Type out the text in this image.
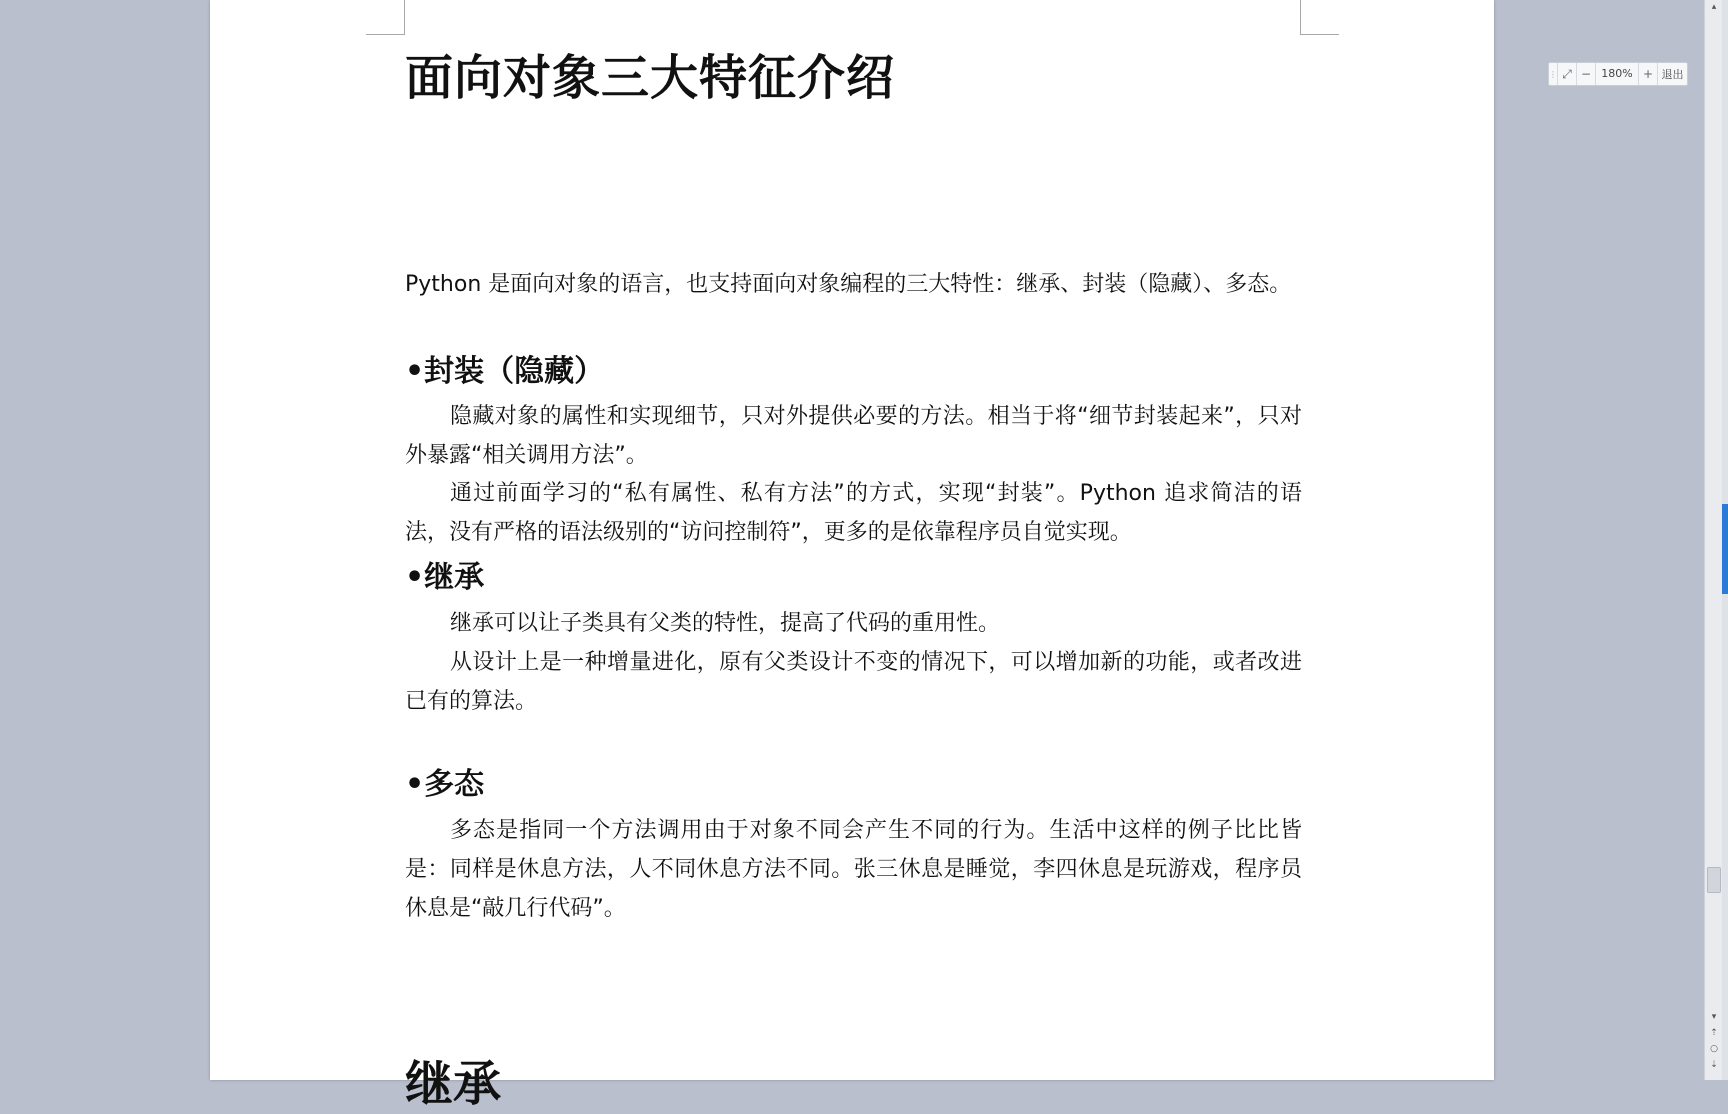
面向对象三大特征介绍
Python 是面向对象的语言，也支持面向对象编程的三大特性：继承、封装（隐藏）、多态。
•封装（隐藏）
隐藏对象的属性和实现细节，只对外提供必要的方法。相当于将“细节封装起来”，只对外暴露“相关调用方法”。
通过前面学习的“私有属性、私有方法”的方式，实现“封装”。Python 追求简洁的语法，没有严格的语法级别的“访问控制符”，更多的是依靠程序员自觉实现。
•继承
继承可以让子类具有父类的特性，提高了代码的重用性。
从设计上是一种增量进化，原有父类设计不变的情况下，可以增加新的功能，或者改进已有的算法。
•多态
多态是指同一个方法调用由于对象不同会产生不同的行为。生活中这样的例子比比皆是：同样是休息方法，人不同休息方法不同。张三休息是睡觉，李四休息是玩游戏，程序员休息是“敲几行代码”。
继承
⋮ ⤢ − 180% + 退出
▴
▾
⇡
○
⇣
